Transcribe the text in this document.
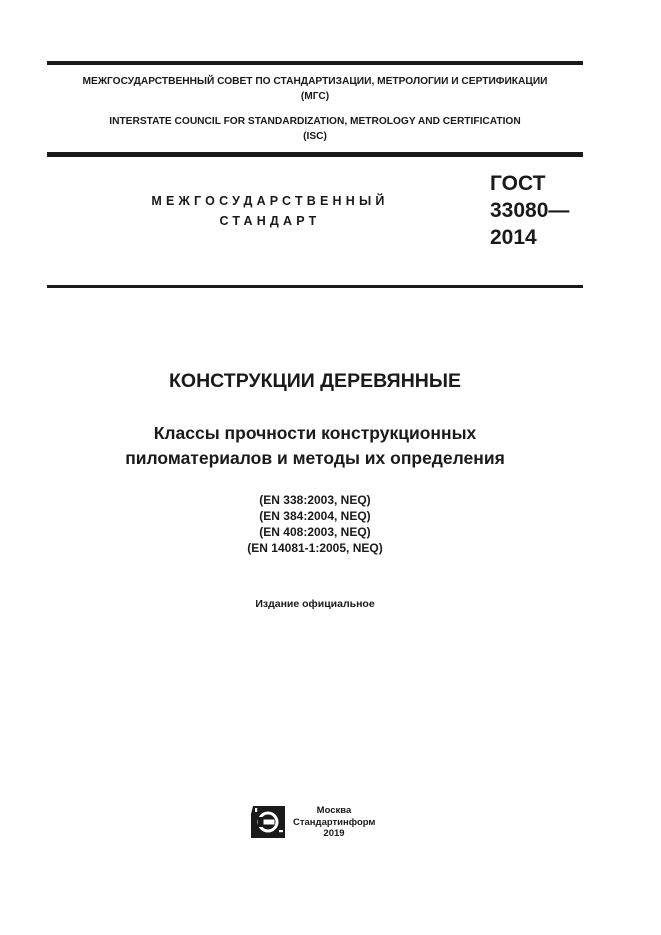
МЕЖГОСУДАРСТВЕННЫЙ СОВЕТ ПО СТАНДАРТИЗАЦИИ, МЕТРОЛОГИИ И СЕРТИФИКАЦИИ
(МГС)
INTERSTATE COUNCIL FOR STANDARDIZATION, METROLOGY AND CERTIFICATION
(ISC)
МЕЖГОСУДАРСТВЕННЫЙ
СТАНДАРТ
ГОСТ
33080—
2014
КОНСТРУКЦИИ ДЕРЕВЯННЫЕ
Классы прочности конструкционных
пиломатериалов и методы их определения
(EN 338:2003, NEQ)
(EN 384:2004, NEQ)
(EN 408:2003, NEQ)
(EN 14081-1:2005, NEQ)
Издание официальное
Москва
Стандартинформ
2019
